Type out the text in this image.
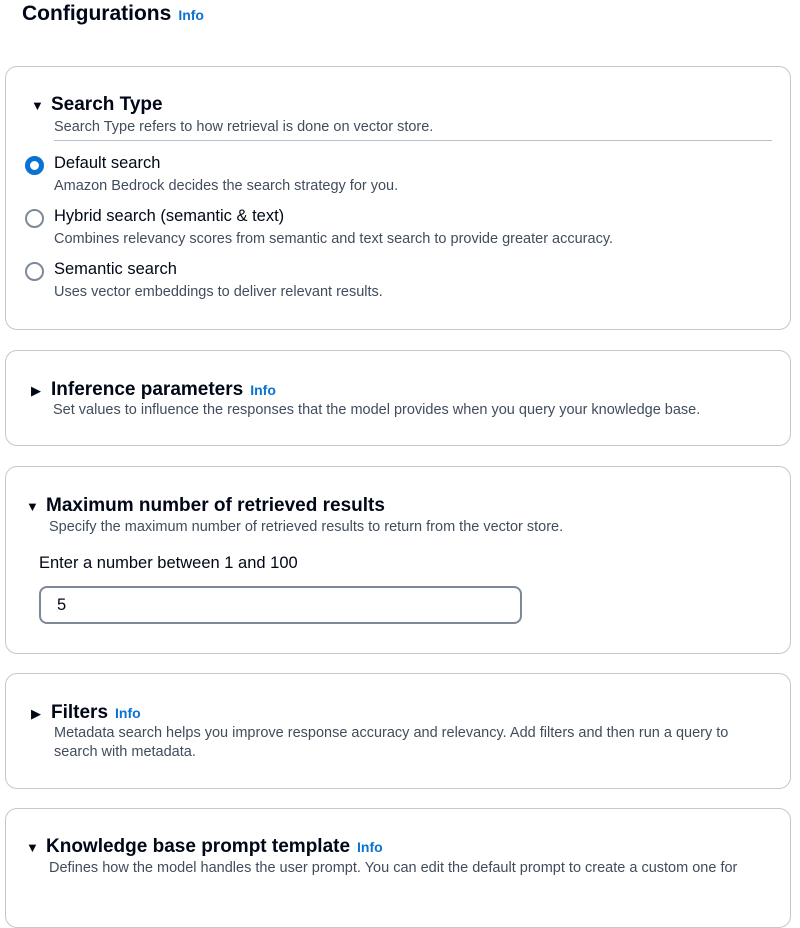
Configurations Info
▼ Search Type
Search Type refers to how retrieval is done on vector store.
Default search
Amazon Bedrock decides the search strategy for you.
Hybrid search (semantic & text)
Combines relevancy scores from semantic and text search to provide greater accuracy.
Semantic search
Uses vector embeddings to deliver relevant results.
▶ Inference parameters Info
Set values to influence the responses that the model provides when you query your knowledge base.
▼ Maximum number of retrieved results
Specify the maximum number of retrieved results to return from the vector store.
Enter a number between 1 and 100
5
▶ Filters Info
Metadata search helps you improve response accuracy and relevancy. Add filters and then run a query to search with metadata.
▼ Knowledge base prompt template Info
Defines how the model handles the user prompt. You can edit the default prompt to create a custom one for
